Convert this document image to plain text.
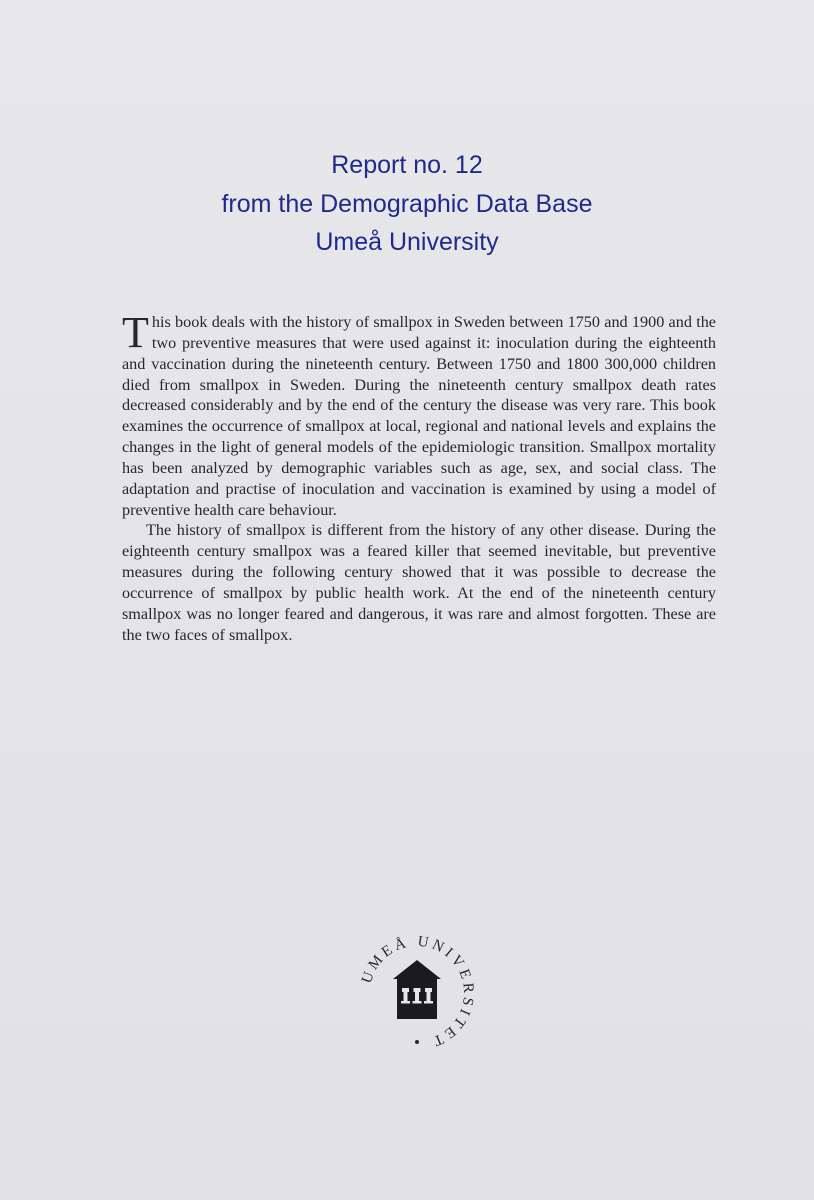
Report no. 12
from the Demographic Data Base
Umeå University

This book deals with the history of smallpox in Sweden between 1750 and 1900 and the two preventive measures that were used against it: inoculation during the eighteenth and vaccination during the nineteenth century. Between 1750 and 1800 300,000 children died from smallpox in Sweden. During the nineteenth century smallpox death rates decreased considerably and by the end of the century the disease was very rare. This book examines the occurrence of smallpox at local, regional and national levels and explains the changes in the light of general models of the epidemiologic transition. Smallpox mortality has been analyzed by demographic variables such as age, sex, and social class. The adaptation and practise of inoculation and vaccination is examined by using a model of preventive health care behaviour.

The history of smallpox is different from the history of any other disease. During the eighteenth century smallpox was a feared killer that seemed inevitable, but preventive measures during the following century showed that it was possible to decrease the occurrence of smallpox by public health work. At the end of the nineteenth century smallpox was no longer feared and dangerous, it was rare and almost forgotten. These are the two faces of smallpox.

UMEÅ UNIVERSITET
